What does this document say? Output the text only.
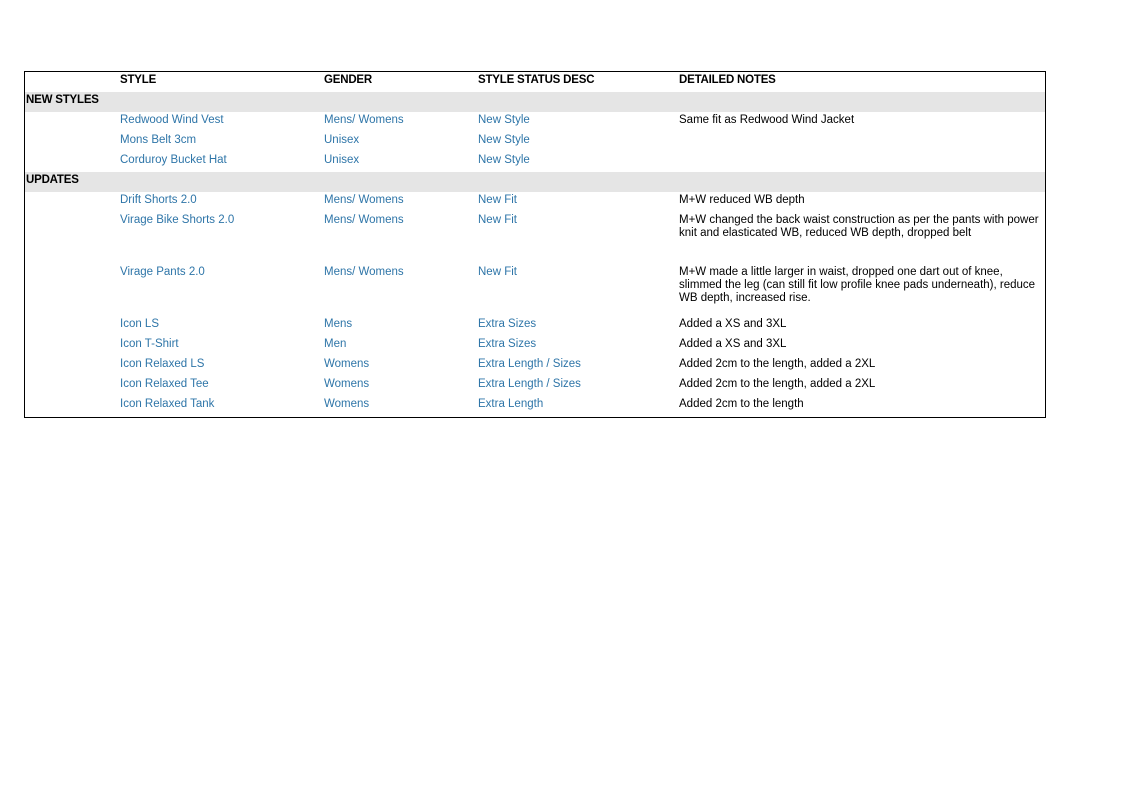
STYLE	GENDER	STYLE STATUS DESC	DETAILED NOTES
NEW STYLES
Redwood Wind Vest	Mens/ Womens	New Style	Same fit as Redwood Wind Jacket
Mons Belt 3cm	Unisex	New Style
Corduroy Bucket Hat	Unisex	New Style
UPDATES
Drift Shorts 2.0	Mens/ Womens	New Fit	M+W reduced WB depth
Virage Bike Shorts 2.0	Mens/ Womens	New Fit	M+W changed the back waist construction as per the pants with power knit and elasticated WB, reduced WB depth, dropped belt
Virage Pants 2.0	Mens/ Womens	New Fit	M+W made a little larger in waist, dropped one dart out of knee, slimmed the leg (can still fit low profile knee pads underneath), reduce WB depth, increased rise.
Icon LS	Mens	Extra Sizes	Added a XS and 3XL
Icon T-Shirt	Men	Extra Sizes	Added a XS and 3XL
Icon Relaxed LS	Womens	Extra Length / Sizes	Added 2cm to the length, added a 2XL
Icon Relaxed Tee	Womens	Extra Length / Sizes	Added 2cm to the length, added a 2XL
Icon Relaxed Tank	Womens	Extra Length	Added 2cm to the length
